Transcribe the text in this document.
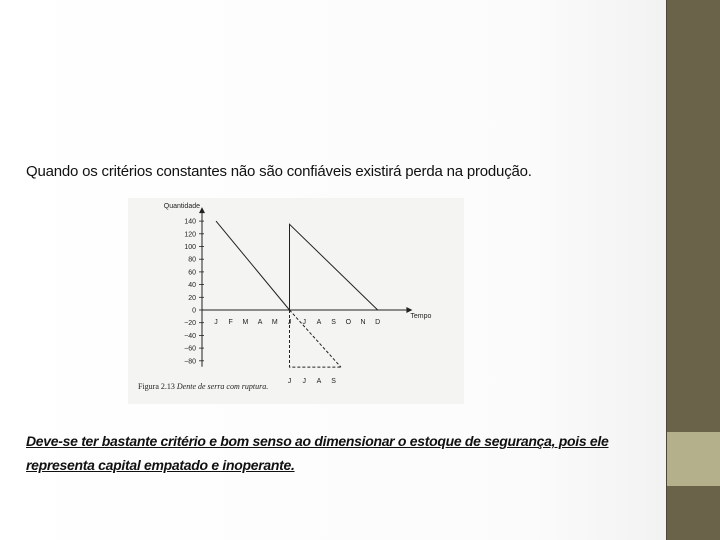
Quando os critérios constantes não são confiáveis existirá perda na produção.
Quantidade
Tempo
140
120
100
80
60
40
20
0
−20
−40
−60
−80
J F M A M J J A S O N D
J J A S
Figura 2.13 Dente de serra com ruptura.
Deve-se ter bastante critério e bom senso ao dimensionar o estoque de segurança, pois ele
representa capital empatado e inoperante.
